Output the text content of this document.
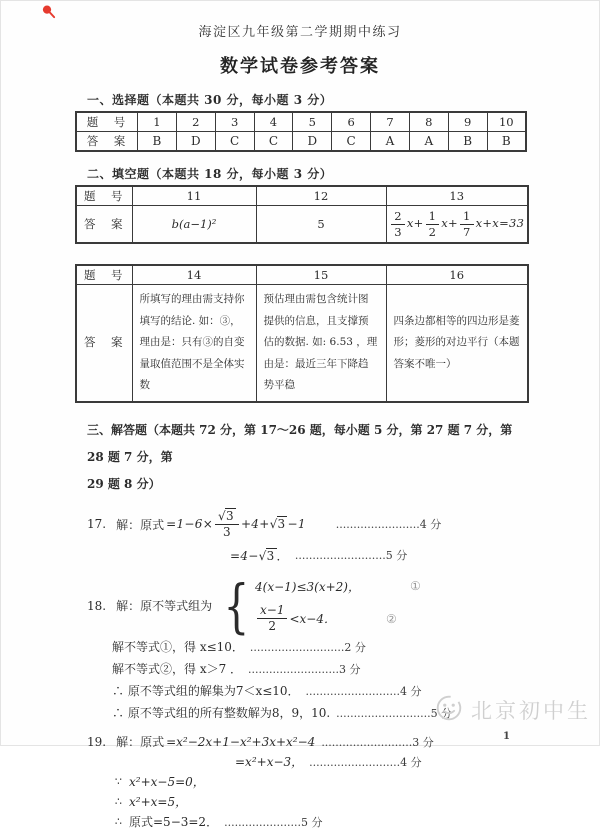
海淀区九年级第二学期期中练习
数学试卷参考答案
一、选择题（本题共 30 分，每小题 3 分）
题　号	1	2	3	4	5	6	7	8	9	10
答　案	B	D	C	C	D	C	A	A	B	B
二、填空题（本题共 18 分，每小题 3 分）
题　号	11	12	13
答　案	b(a−1)²	5	$\frac{2}{3} x+ \frac{1}{2} x+ \frac{1}{7} x+x=33$
题　号	14	15	16
答　案	所填写的理由需支持你填写的结论. 如：③，理由是：只有③的自变量取值范围不是全体实数	预估理由需包含统计图提供的信息，且支撑预估的数据. 如: 6.53 ，理由是：最近三年下降趋势平稳	四条边都相等的四边形是菱形；菱形的对边平行（本题答案不唯一）
三、解答题（本题共 72 分，第 17～26 题，每小题 5 分，第 27 题 7 分，第 28 题 7 分，第
29 题 8 分）
17. 解：原式 $=1-6\times \frac{√3}{3} +4+√3 -1$	........................4 分
=4−√3 ． ..........................5 分
18. 解：原不等式组为 { 4(x−1)≤3(x+2)，	①
$\frac{x-1}{2} <x-4$．	②
解不等式①，得 x≤10． ...........................2 分
解不等式②，得 x＞7 ． ..........................3 分
∴ 原不等式组的解集为7＜x≤10． ...........................4 分
∴ 原不等式组的所有整数解为8，9，10. ...........................5 分
19. 解：原式 =x²−2x+1−x²+3x+x²−4 ..........................3 分
=x²+x−3， ..........................4 分
∵ x²+x−5=0，
∴ x²+x=5，
∴ 原式=5−3=2． ......................5 分
北京初中生
1
